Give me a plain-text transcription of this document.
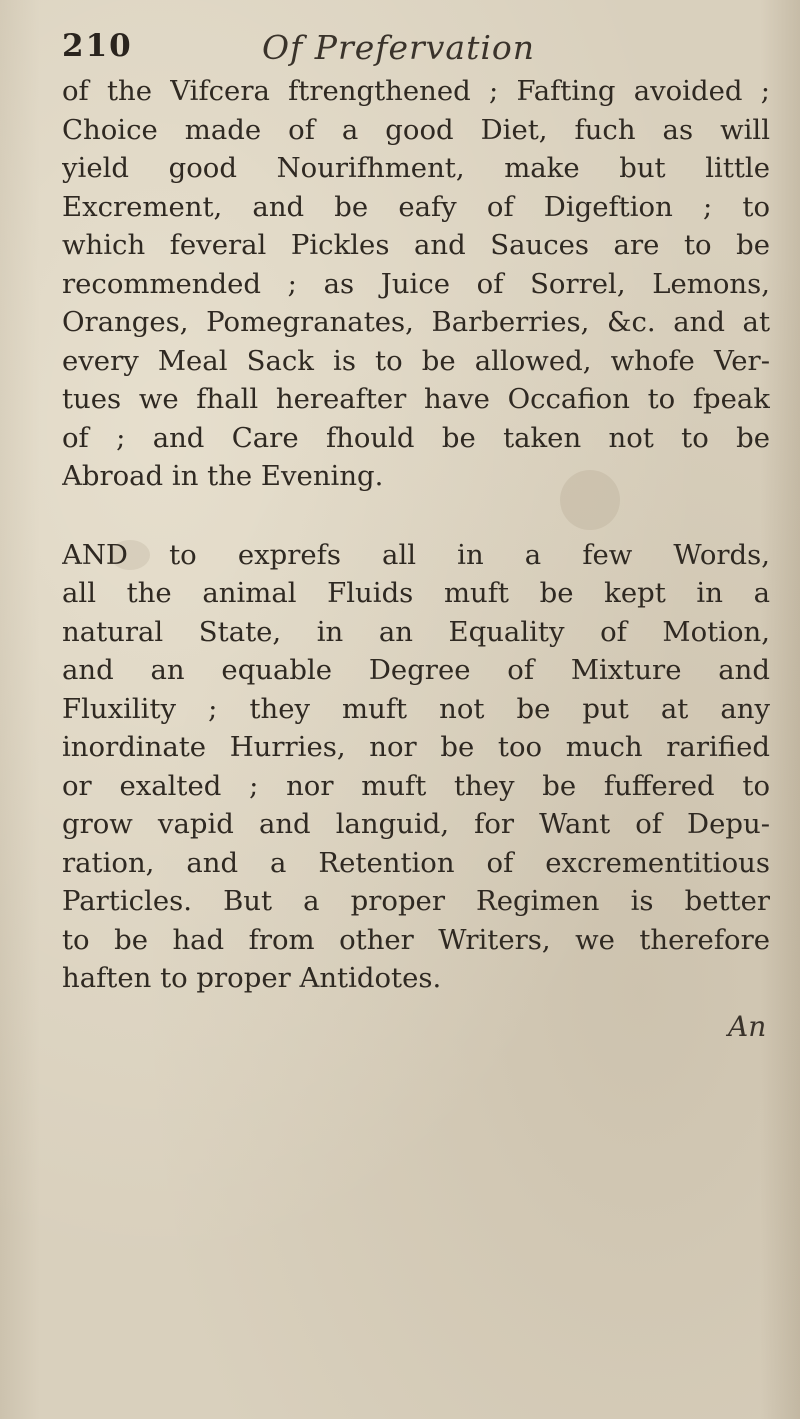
210	Of Prefervation
of the Vifcera ftrengthened ; Fafting avoided ;
Choice made of a good Diet, fuch as will
yield good Nourifhment, make but little
Excrement, and be eafy of Digeftion ; to
which feveral Pickles and Sauces are to be
recommended ; as Juice of Sorrel, Lemons,
Oranges, Pomegranates, Barberries, &c. and at
every Meal Sack is to be allowed, whofe Ver-
tues we fhall hereafter have Occafion to fpeak
of ; and Care fhould be taken not to be
Abroad in the Evening.
AND to exprefs all in a few Words,
all the animal Fluids muft be kept in a
natural State, in an Equality of Motion,
and an equable Degree of Mixture and
Fluxility ; they muft not be put at any
inordinate Hurries, nor be too much rarified
or exalted ; nor muft they be fuffered to
grow vapid and languid, for Want of Depu-
ration, and a Retention of excrementitious
Particles. But a proper Regimen is better
to be had from other Writers, we therefore
haften to proper Antidotes.
An
